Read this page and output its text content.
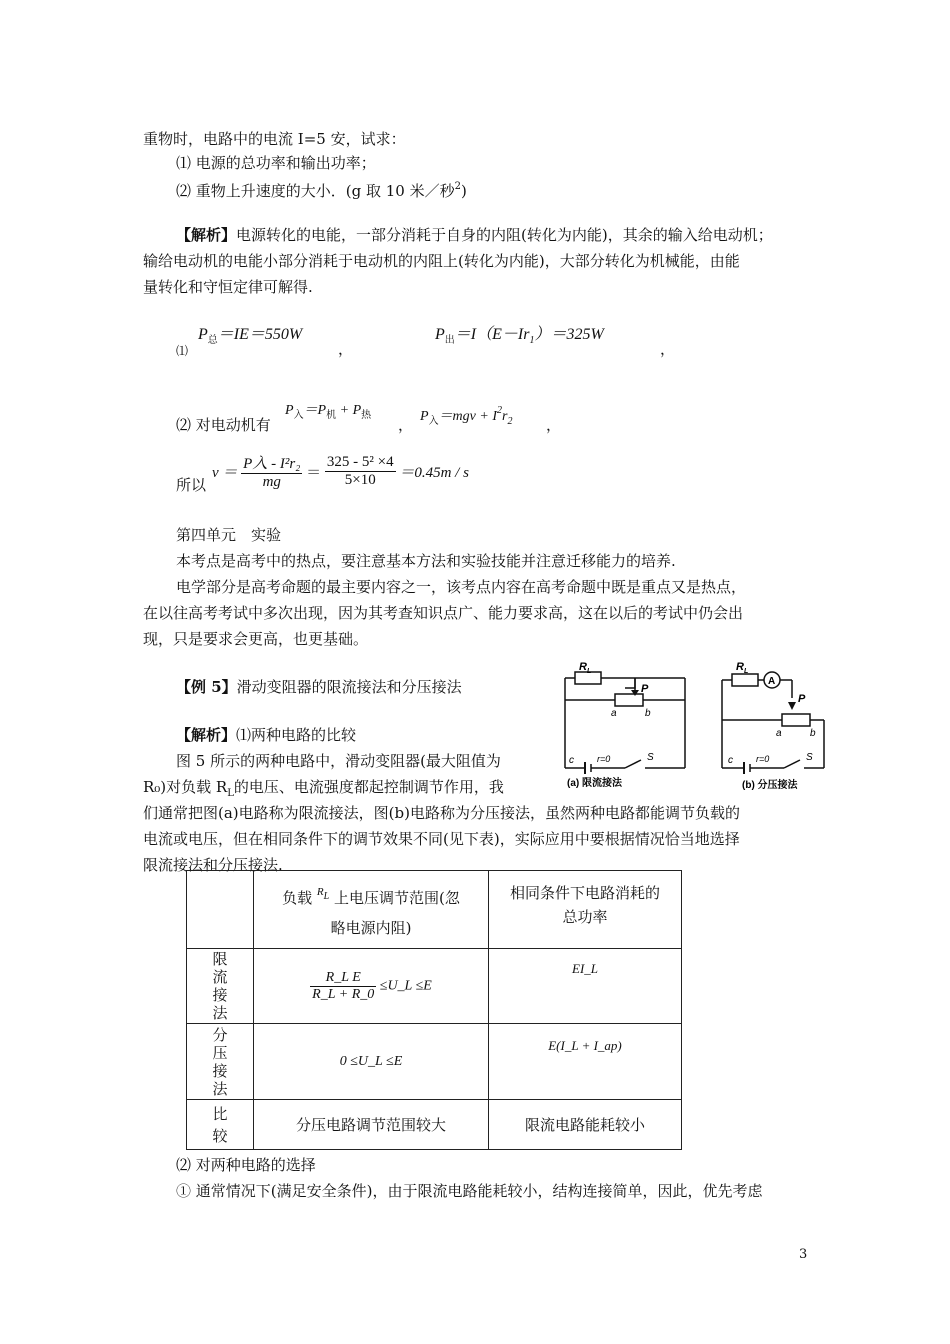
重物时，电路中的电流 I=5 安，试求：
⑴ 电源的总功率和输出功率；
⑵ 重物上升速度的大小．(g 取 10 米／秒$^2$)
【解析】电源转化的电能，一部分消耗于自身的内阻(转化为内能)，其余的输入给电动机；
输给电动机的电能小部分消耗于电动机的内阻上(转化为内能)，大部分转化为机械能，由能
量转化和守恒定律可解得.
⑴
$P_总=IE=550W$
，
$P_出=I(E-Ir_1)=325W$
，
⑵ 对电动机有
$P_入=P_机 + P_热$
， $P_入=mgv + I^2r_2$ ，
所以
$v = \frac{\text{P入 - I²r₂}}{mg} = \frac{\text{325 - 5² ×4}}{5\times 10} =0.45m / s$
第四单元　实验
本考点是高考中的热点，要注意基本方法和实验技能并注意迁移能力的培养.
电学部分是高考命题的最主要内容之一，该考点内容在高考命题中既是重点又是热点，
在以往高考考试中多次出现，因为其考查知识点广、能力要求高，这在以后的考试中仍会出
现，只是要求会更高，也更基础。
【例 5】滑动变阻器的限流接法和分压接法
【解析】⑴两种电路的比较
图 5 所示的两种电路中，滑动变阻器(最大阻值为
R₀)对负载 $R_L$的电压、电流强度都起控制调节作用，我
们通常把图(a)电路称为限流接法，图(b)电路称为分压接法，虽然两种电路都能调节负载的
电流或电压，但在相同条件下的调节效果不同(见下表)，实际应用中要根据情况恰当地选择
限流接法和分压接法.
$R_L$
P
a	b
c	r=0	S
(a) 限流接法
$R_L$
A
P
a	b
c	r=0	S
(b) 分压接法
	负载 $^{RL}$ 上电压调节范围(忽
略电源内阻)	相同条件下电路消耗的
总功率
限
流
接
法	$\frac{\text{R\_L E}}{R\_L + R\_0}$ ≤U_L ≤E	EI_L
分
压
接
法	0 ≤U_L ≤E	E(I_L + I_ap)
比
较	分压电路调节范围较大	限流电路能耗较小
⑵ 对两种电路的选择
① 通常情况下(满足安全条件)，由于限流电路能耗较小，结构连接简单，因此，优先考虑
3
